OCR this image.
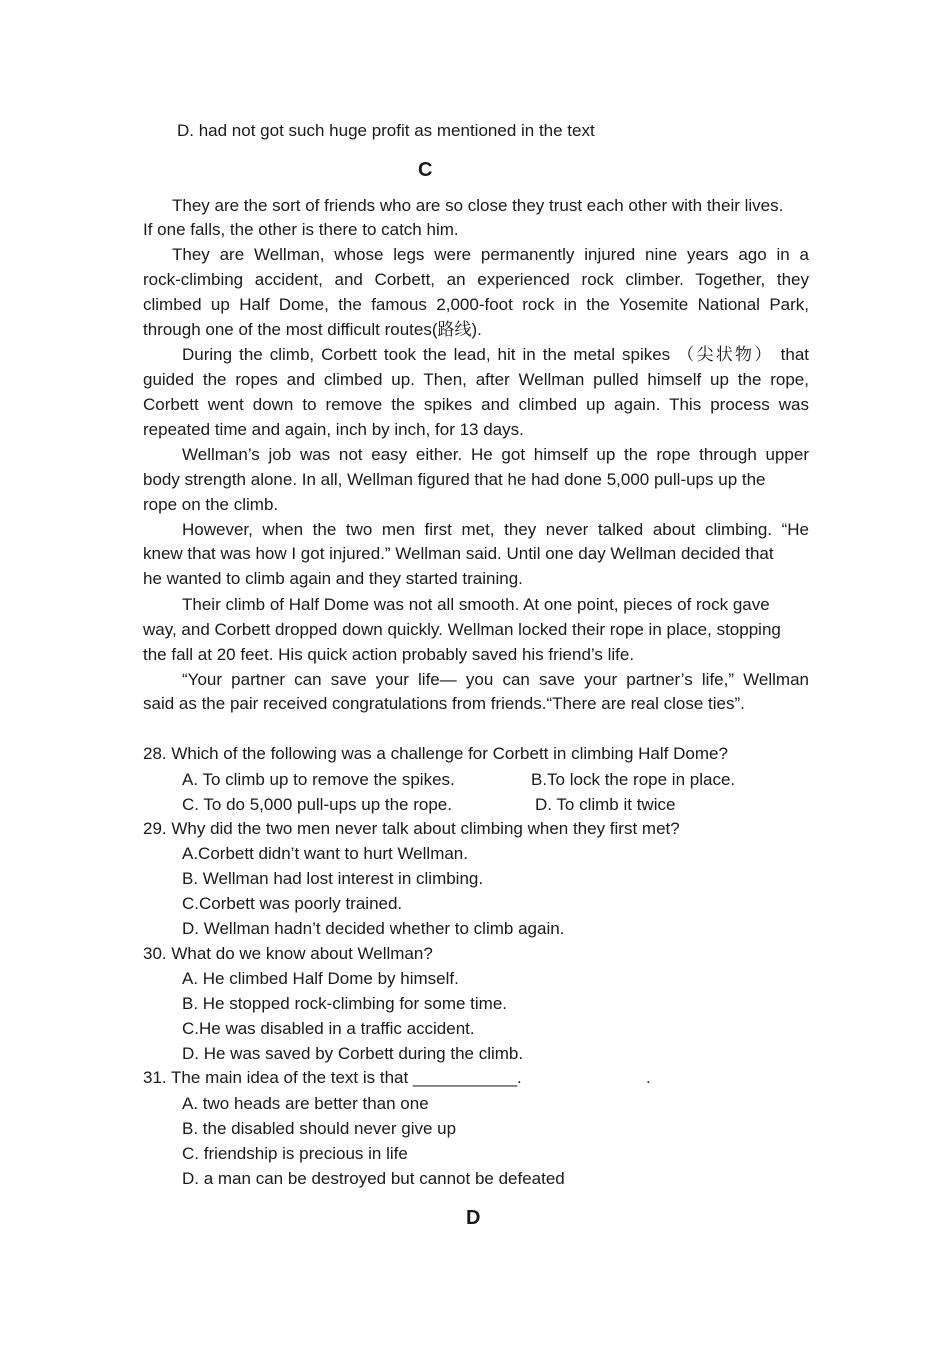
D. had not got such huge profit as mentioned in the text

C

They are the sort of friends who are so close they trust each other with their lives.

If one falls, the other is there to catch him.

They are Wellman, whose legs were permanently injured nine years ago in a

rock-climbing accident, and Corbett, an experienced rock climber. Together, they

climbed up Half Dome, the famous 2,000-foot rock in the Yosemite National Park,

through one of the most difficult routes(路线).

During the climb, Corbett took the lead, hit in the metal spikes （尖状物） that

guided the ropes and climbed up. Then, after Wellman pulled himself up the rope,

Corbett went down to remove the spikes and climbed up again. This process was

repeated time and again, inch by inch, for 13 days.

Wellman’s job was not easy either. He got himself up the rope through upper

body strength alone. In all, Wellman figured that he had done 5,000 pull-ups up the

rope on the climb.

However, when the two men first met, they never talked about climbing. “He

knew that was how I got injured.” Wellman said. Until one day Wellman decided that

he wanted to climb again and they started training.

Their climb of Half Dome was not all smooth. At one point, pieces of rock gave

way, and Corbett dropped down quickly. Wellman locked their rope in place, stopping

the fall at 20 feet. His quick action probably saved his friend’s life.

“Your partner can save your life— you can save your partner’s life,” Wellman

said as the pair received congratulations from friends.“There are real close ties”.

28. Which of the following was a challenge for Corbett in climbing Half Dome?

A. To climb up to remove the spikes.	B.To lock the rope in place.

C. To do 5,000 pull-ups up the rope.	D. To climb it twice

29. Why did the two men never talk about climbing when they first met?

A.Corbett didn’t want to hurt Wellman.

B. Wellman had lost interest in climbing.

C.Corbett was poorly trained.

D. Wellman hadn’t decided whether to climb again.

30. What do we know about Wellman?

A. He climbed Half Dome by himself.

B. He stopped rock-climbing for some time.

C.He was disabled in a traffic accident.

D. He was saved by Corbett during the climb.

31. The main idea of the text is that ___________.	.

A. two heads are better than one

B. the disabled should never give up

C. friendship is precious in life

D. a man can be destroyed but cannot be defeated

D
